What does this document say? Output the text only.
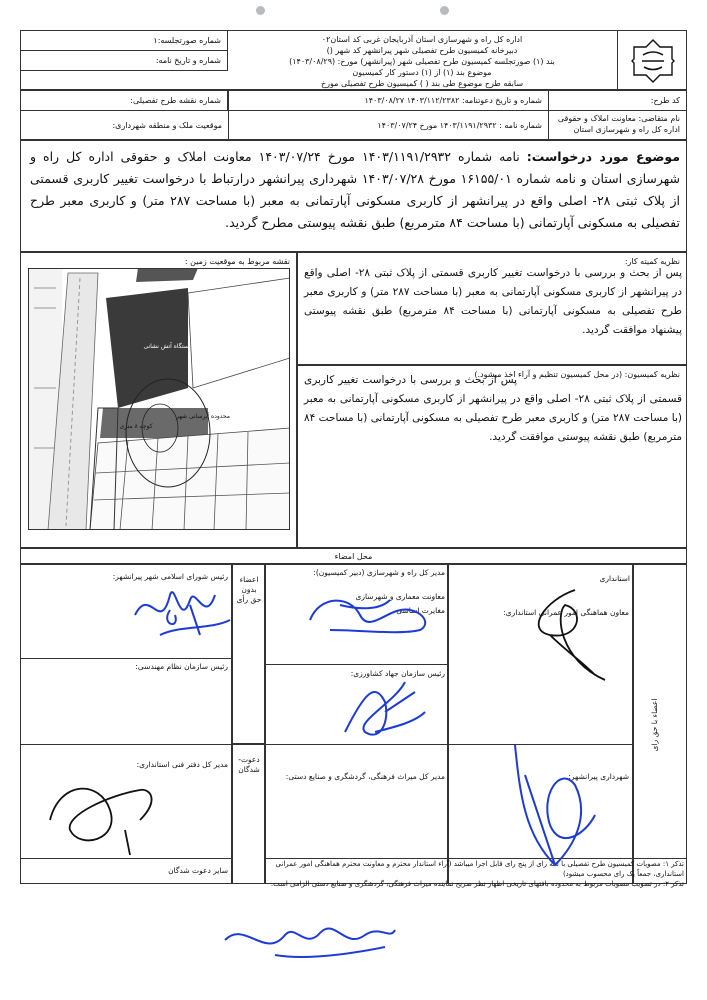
اداره کل راه و شهرسازی استان آذربایجان غربی کد استان۰۲
دبیرخانه کمیسیون طرح تفصیلی شهر پیرانشهر کد شهر ()
بند (۱) صورتجلسه کمیسیون طرح تفصیلی شهر (پیرانشهر) مورخ: (۱۴۰۳/۰۸/۲۹)
موضوع بند (۱) از (۱) دستور کار کمیسیون
سابقه طرح موضوع طی بند ( ) کمیسیون طرح تفصیلی مورخ
شماره صورتجلسه:۱
شماره و تاریخ نامه:
شماره نقشه طرح تفصیلی:	کد طرح:
نام متقاضی: معاونت املاک و حقوقی
اداره کل راه و شهرسازی استان
شماره و تاریخ دعوتنامه: ۱۴۰۳/۱۱۲/۲۳۸۲ ۱۴۰۳/۰۸/۲۷
شماره نامه : ۱۴۰۳/۱۱۹۱/۲۹۳۲ مورخ ۱۴۰۳/۰۷/۲۴
موقعیت ملک و منطقه شهرداری:
موضوع مورد درخواست: نامه شماره ۱۴۰۳/۱۱۹۱/۲۹۳۲ مورخ ۱۴۰۳/۰۷/۲۴ معاونت املاک و حقوقی اداره کل راه و شهرسازی استان و نامه شماره ۱۶۱۵۵/۰۱ مورخ ۱۴۰۳/۰۷/۲۸ شهرداری پیرانشهر درارتباط با درخواست تغییر کاربری قسمتی از پلاک ثبتی ۲۸- اصلی واقع در پیرانشهر از کاربری مسکونی آپارتمانی به معبر (با مساحت ۲۸۷ متر) و کاربری معبر طرح تفصیلی به مسکونی آپارتمانی (با مساحت ۸۴ مترمربع) طبق نقشه پیوستی مطرح گردید.
نقشه مربوط به موقعیت زمین :
ایستگاه آتش نشانی
کوچه ۸ متری
محدوده آبرسانی شهر
نظریه کمیته کار:
پس از بحث و بررسی با درخواست تغییر کاربری قسمتی از پلاک ثبتی ۲۸- اصلی واقع در پیرانشهر از کاربری مسکونی آپارتمانی به معبر (با مساحت ۲۸۷ متر) و کاربری معبر طرح تفصیلی به مسکونی آپارتمانی (با مساحت ۸۴ مترمربع) طبق نقشه پیوستی پیشنهاد موافقت گردید.
نظریه کمیسیون: (در محل کمیسیون تنظیم و آراء اخذ میشود.)
پس از بحث و بررسی با درخواست تغییر کاربری قسمتی از پلاک ثبتی ۲۸- اصلی واقع در پیرانشهر از کاربری مسکونی آپارتمانی به معبر (با مساحت ۲۸۷ متر) و کاربری معبر طرح تفصیلی به مسکونی آپارتمانی (با مساحت ۸۴ مترمربع) طبق نقشه پیوستی موافقت گردید.
محل امضاء
اعضاء با حق رای
اعضاء بدون حق رأی
دعوت-شدگان
استانداری
معاون هماهنگی امور عمرانی استانداری:
مدیر کل راه و شهرسازی (دبیر کمیسیون):
معاونت معماری و شهرسازی
مغایرت اساسی
رئیس شورای اسلامی شهر پیرانشهر:
رئیس سازمان نظام مهندسی:
رئیس سازمان جهاد کشاورزی:
شهرداری پیرانشهر:
مدیر کل میراث فرهنگی، گردشگری و صنایع دستی:
مدیر کل دفتر فنی استانداری:
سایر دعوت شدگان
تذکر ۱: مصوبات کمیسیون طرح تفصیلی با سه رای از پنج رای قابل اجرا میباشد (آراء استاندار محترم و معاونت محترم هماهنگی امور عمرانی استانداری، جمعاً یک رای محسوب میشود)
تذکر ۲: در تصویب مصوبات مربوط به محدوده بافتهای تاریخی اظهار نظر صریح نماینده میراث فرهنگی، گردشگری و صنایع دستی الزامی است.
